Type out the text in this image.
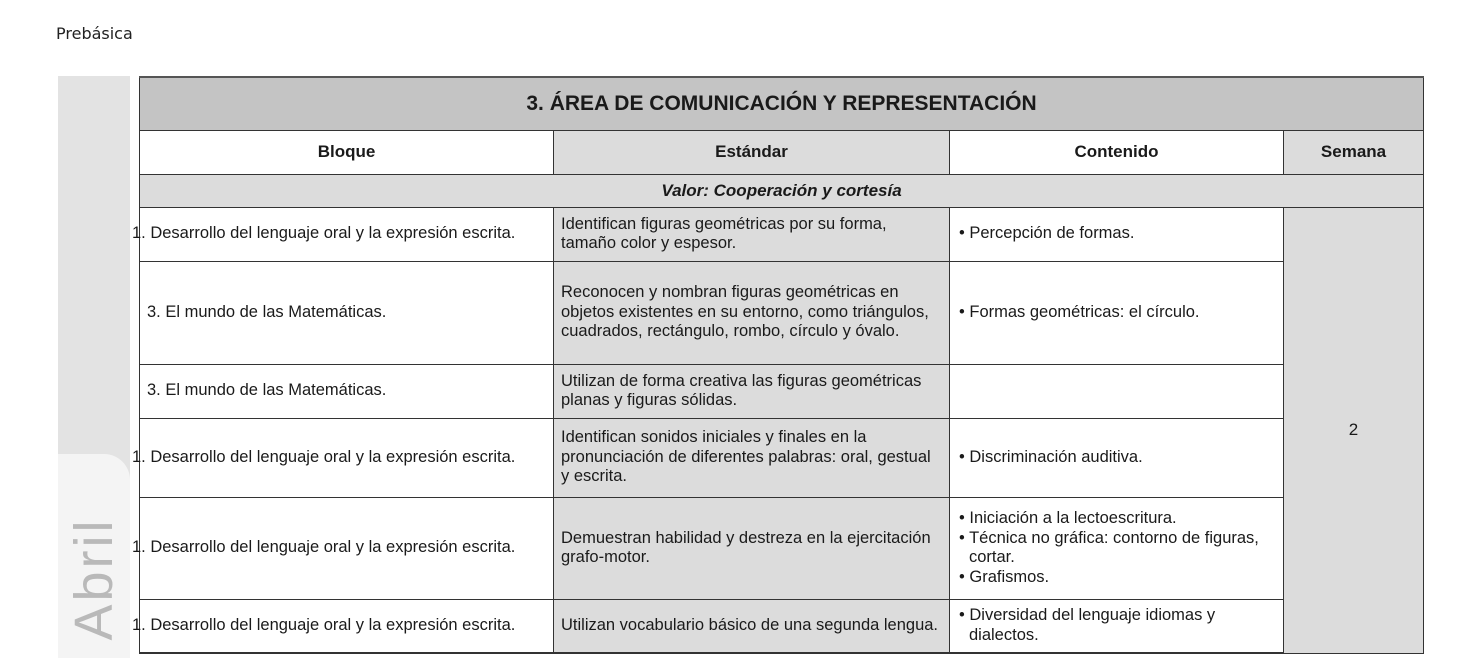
Prebásica
Abril
3. ÁREA DE COMUNICACIÓN Y REPRESENTACIÓN			
Bloque	Estándar	Contenido	Semana
Valor: Cooperación y cortesía			
1. Desarrollo del lenguaje oral y la expresión escrita.	Identifican figuras geométricas por su forma, tamaño color y espesor.	• Percepción de formas.	2
3. El mundo de las Matemáticas.	Reconocen y nombran figuras geométricas en objetos existentes en su entorno, como triángulos, cuadrados, rectángulo, rombo, círculo y óvalo.	• Formas geométricas: el círculo.	

3. El mundo de las Matemáticas.	Utilizan de forma creativa las figuras geométricas planas y figuras sólidas.		
1. Desarrollo del lenguaje oral y la expresión escrita.	Identifican sonidos iniciales y finales en la pronunciación de diferentes palabras: oral, gestual y escrita.	• Discriminación auditiva.	

1. Desarrollo del lenguaje oral y la expresión escrita.	Demuestran habilidad y destreza en la ejercitación grafo-motor.	• Iniciación a la lectoescritura.
• Técnica no gráfica: contorno de figuras, cortar.
• Grafismos.	

1. Desarrollo del lenguaje oral y la expresión escrita.	Utilizan vocabulario básico de una segunda lengua.	• Diversidad del lenguaje idiomas y dialectos.	
